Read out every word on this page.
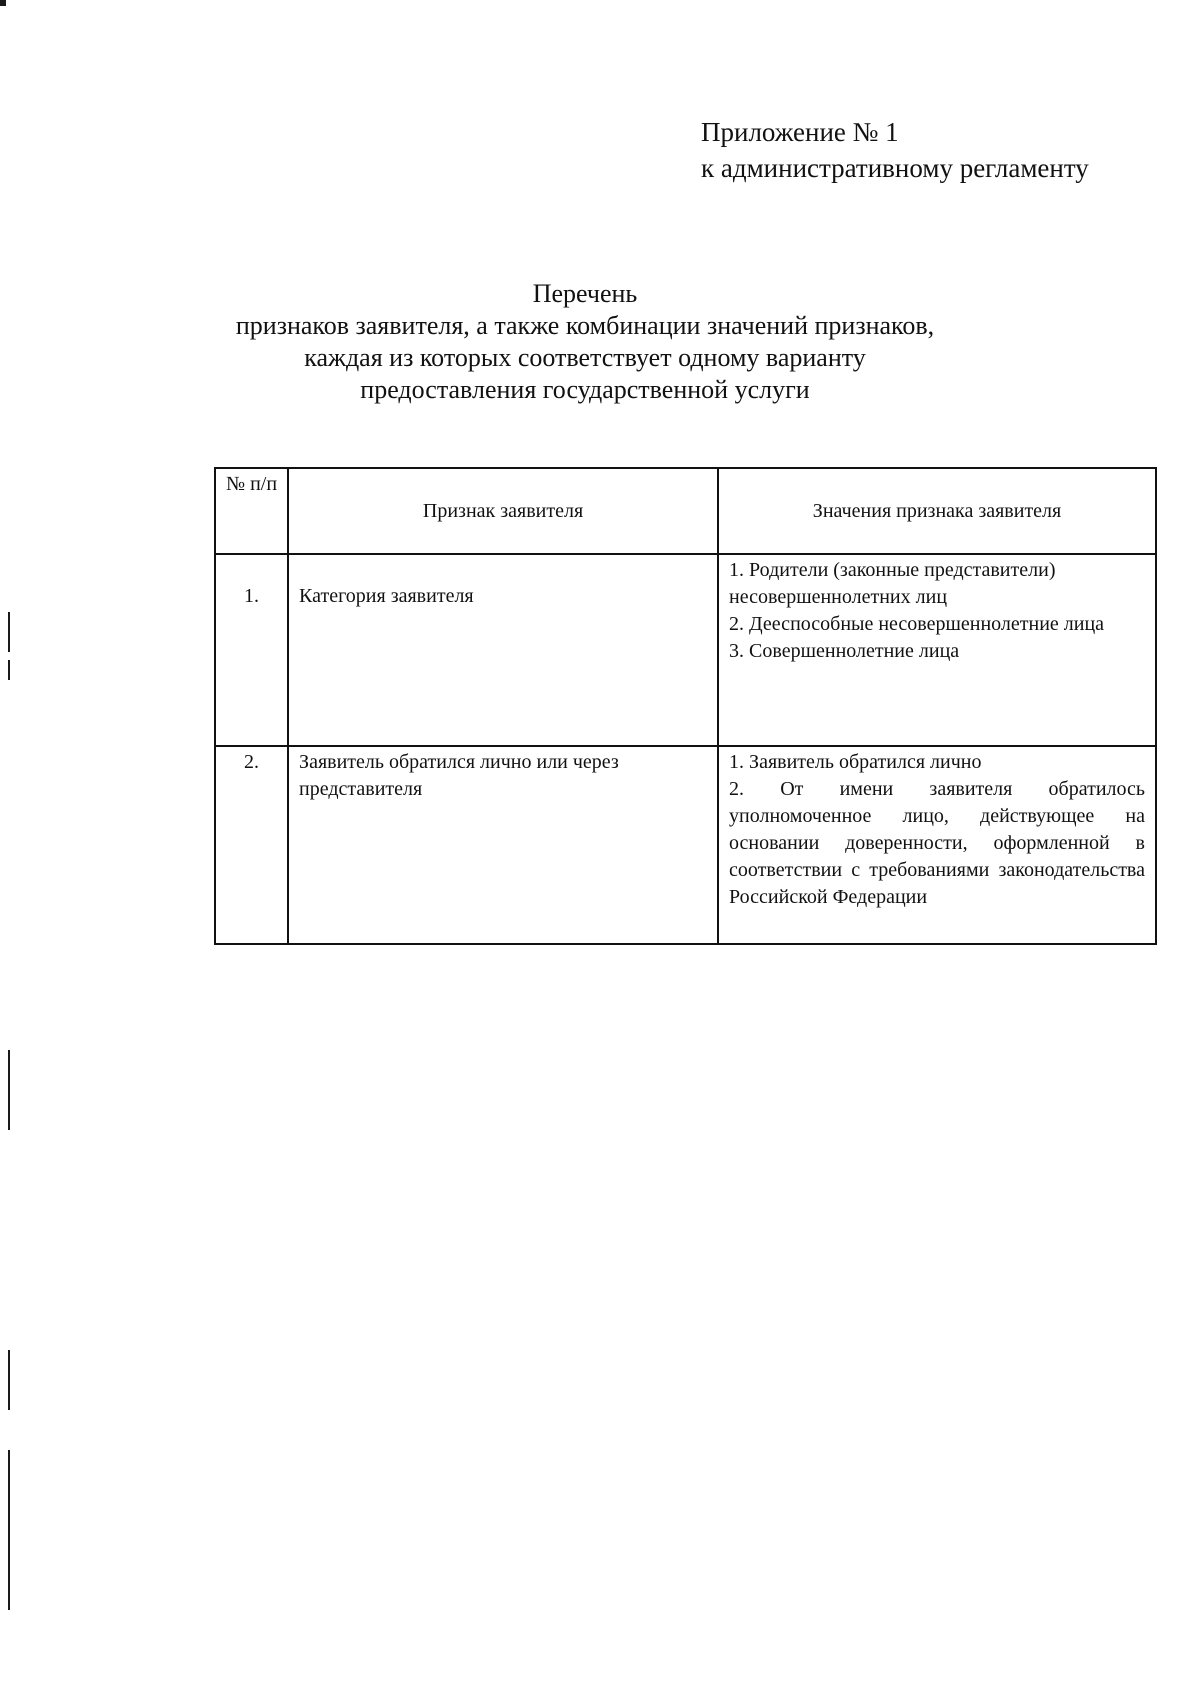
Приложение № 1
к административному регламенту
Перечень
признаков заявителя, а также комбинации значений признаков,
каждая из которых соответствует одному варианту
предоставления государственной услуги
№ п/п	Признак заявителя	Значения признака заявителя
1.	Категория заявителя	1. Родители (законные представители) несовершеннолетних лиц
2. Дееспособные несовершеннолетние лица
3. Совершеннолетние лица

2.	Заявитель обратился лично или через представителя	1. Заявитель обратился лично
2. От имени заявителя обратилось уполномоченное лицо, действующее на основании доверенности, оформленной в соответствии с требованиями законодательства Российской Федерации
